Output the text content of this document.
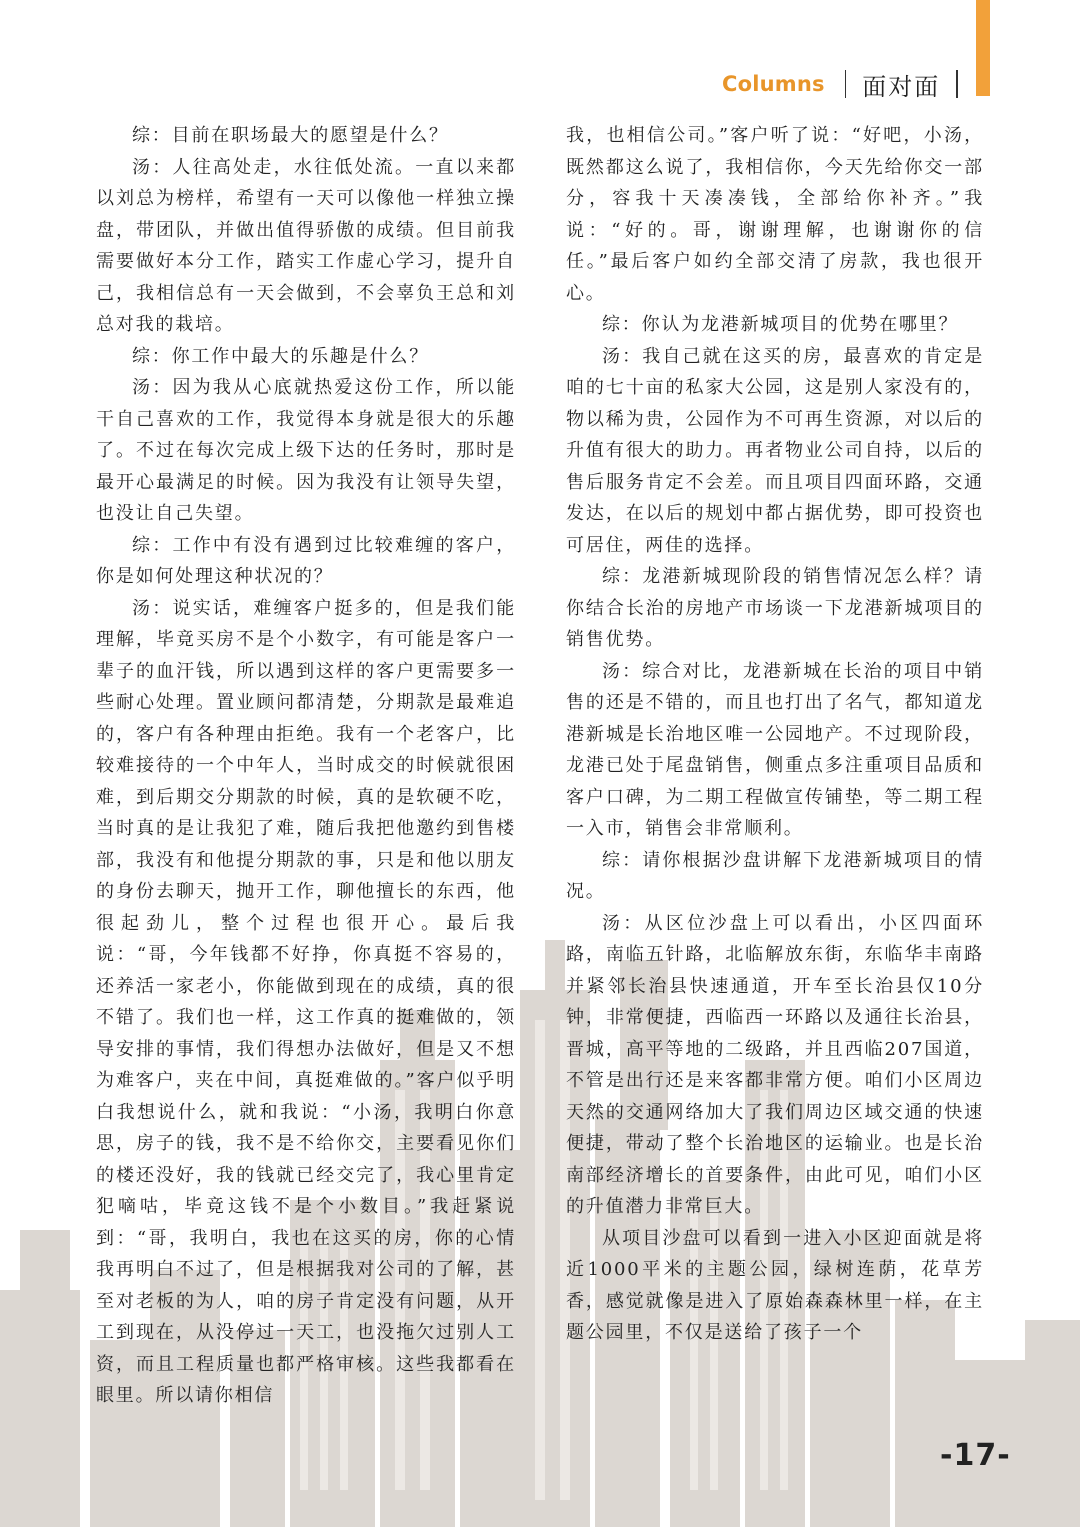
Columns 面对面

综：目前在职场最大的愿望是什么？

汤：人往高处走，水往低处流。一直以来都以刘总为榜样，希望有一天可以像他一样独立操盘，带团队，并做出值得骄傲的成绩。但目前我需要做好本分工作，踏实工作虚心学习，提升自己，我相信总有一天会做到，不会辜负王总和刘总对我的栽培。

综：你工作中最大的乐趣是什么？

汤：因为我从心底就热爱这份工作，所以能干自己喜欢的工作，我觉得本身就是很大的乐趣了。不过在每次完成上级下达的任务时，那时是最开心最满足的时候。因为我没有让领导失望，也没让自己失望。

综：工作中有没有遇到过比较难缠的客户，你是如何处理这种状况的？

汤：说实话，难缠客户挺多的，但是我们能理解，毕竟买房不是个小数字，有可能是客户一辈子的血汗钱，所以遇到这样的客户更需要多一些耐心处理。置业顾问都清楚，分期款是最难追的，客户有各种理由拒绝。我有一个老客户，比较难接待的一个中年人，当时成交的时候就很困难，到后期交分期款的时候，真的是软硬不吃，当时真的是让我犯了难，随后我把他邀约到售楼部，我没有和他提分期款的事，只是和他以朋友的身份去聊天，抛开工作，聊他擅长的东西，他很起劲儿，整个过程也很开心。最后我说：“哥，今年钱都不好挣，你真挺不容易的，还养活一家老小，你能做到现在的成绩，真的很不错了。我们也一样，这工作真的挺难做的，领导安排的事情，我们得想办法做好，但是又不想为难客户，夹在中间，真挺难做的。”客户似乎明白我想说什么，就和我说：“小汤，我明白你意思，房子的钱，我不是不给你交，主要看见你们的楼还没好，我的钱就已经交完了，我心里肯定犯嘀咕，毕竟这钱不是个小数目。”我赶紧说到：“哥，我明白，我也在这买的房，你的心情我再明白不过了，但是根据我对公司的了解，甚至对老板的为人，咱的房子肯定没有问题，从开工到现在，从没停过一天工，也没拖欠过别人工资，而且工程质量也都严格审核。这些我都看在眼里。所以请你相信

我，也相信公司。”客户听了说：“好吧，小汤，既然都这么说了，我相信你，今天先给你交一部分，容我十天凑凑钱，全部给你补齐。”我说：“好的。哥，谢谢理解，也谢谢你的信任。”最后客户如约全部交清了房款，我也很开心。

综：你认为龙港新城项目的优势在哪里？

汤：我自己就在这买的房，最喜欢的肯定是咱的七十亩的私家大公园，这是别人家没有的，物以稀为贵，公园作为不可再生资源，对以后的升值有很大的助力。再者物业公司自持，以后的售后服务肯定不会差。而且项目四面环路，交通发达，在以后的规划中都占据优势，即可投资也可居住，两佳的选择。

综：龙港新城现阶段的销售情况怎么样？请你结合长治的房地产市场谈一下龙港新城项目的销售优势。

汤：综合对比，龙港新城在长治的项目中销售的还是不错的，而且也打出了名气，都知道龙港新城是长治地区唯一公园地产。不过现阶段，龙港已处于尾盘销售，侧重点多注重项目品质和客户口碑，为二期工程做宣传铺垫，等二期工程一入市，销售会非常顺利。

综：请你根据沙盘讲解下龙港新城项目的情况。

汤：从区位沙盘上可以看出，小区四面环路，南临五针路，北临解放东街，东临华丰南路并紧邻长治县快速通道，开车至长治县仅10分钟，非常便捷，西临西一环路以及通往长治县，晋城，高平等地的二级路，并且西临207国道，不管是出行还是来客都非常方便。咱们小区周边天然的交通网络加大了我们周边区域交通的快速便捷，带动了整个长治地区的运输业。也是长治南部经济增长的首要条件，由此可见，咱们小区的升值潜力非常巨大。

从项目沙盘可以看到一进入小区迎面就是将近1000平米的主题公园，绿树连荫，花草芳香，感觉就像是进入了原始森森林里一样，在主题公园里，不仅是送给了孩子一个

-17-
